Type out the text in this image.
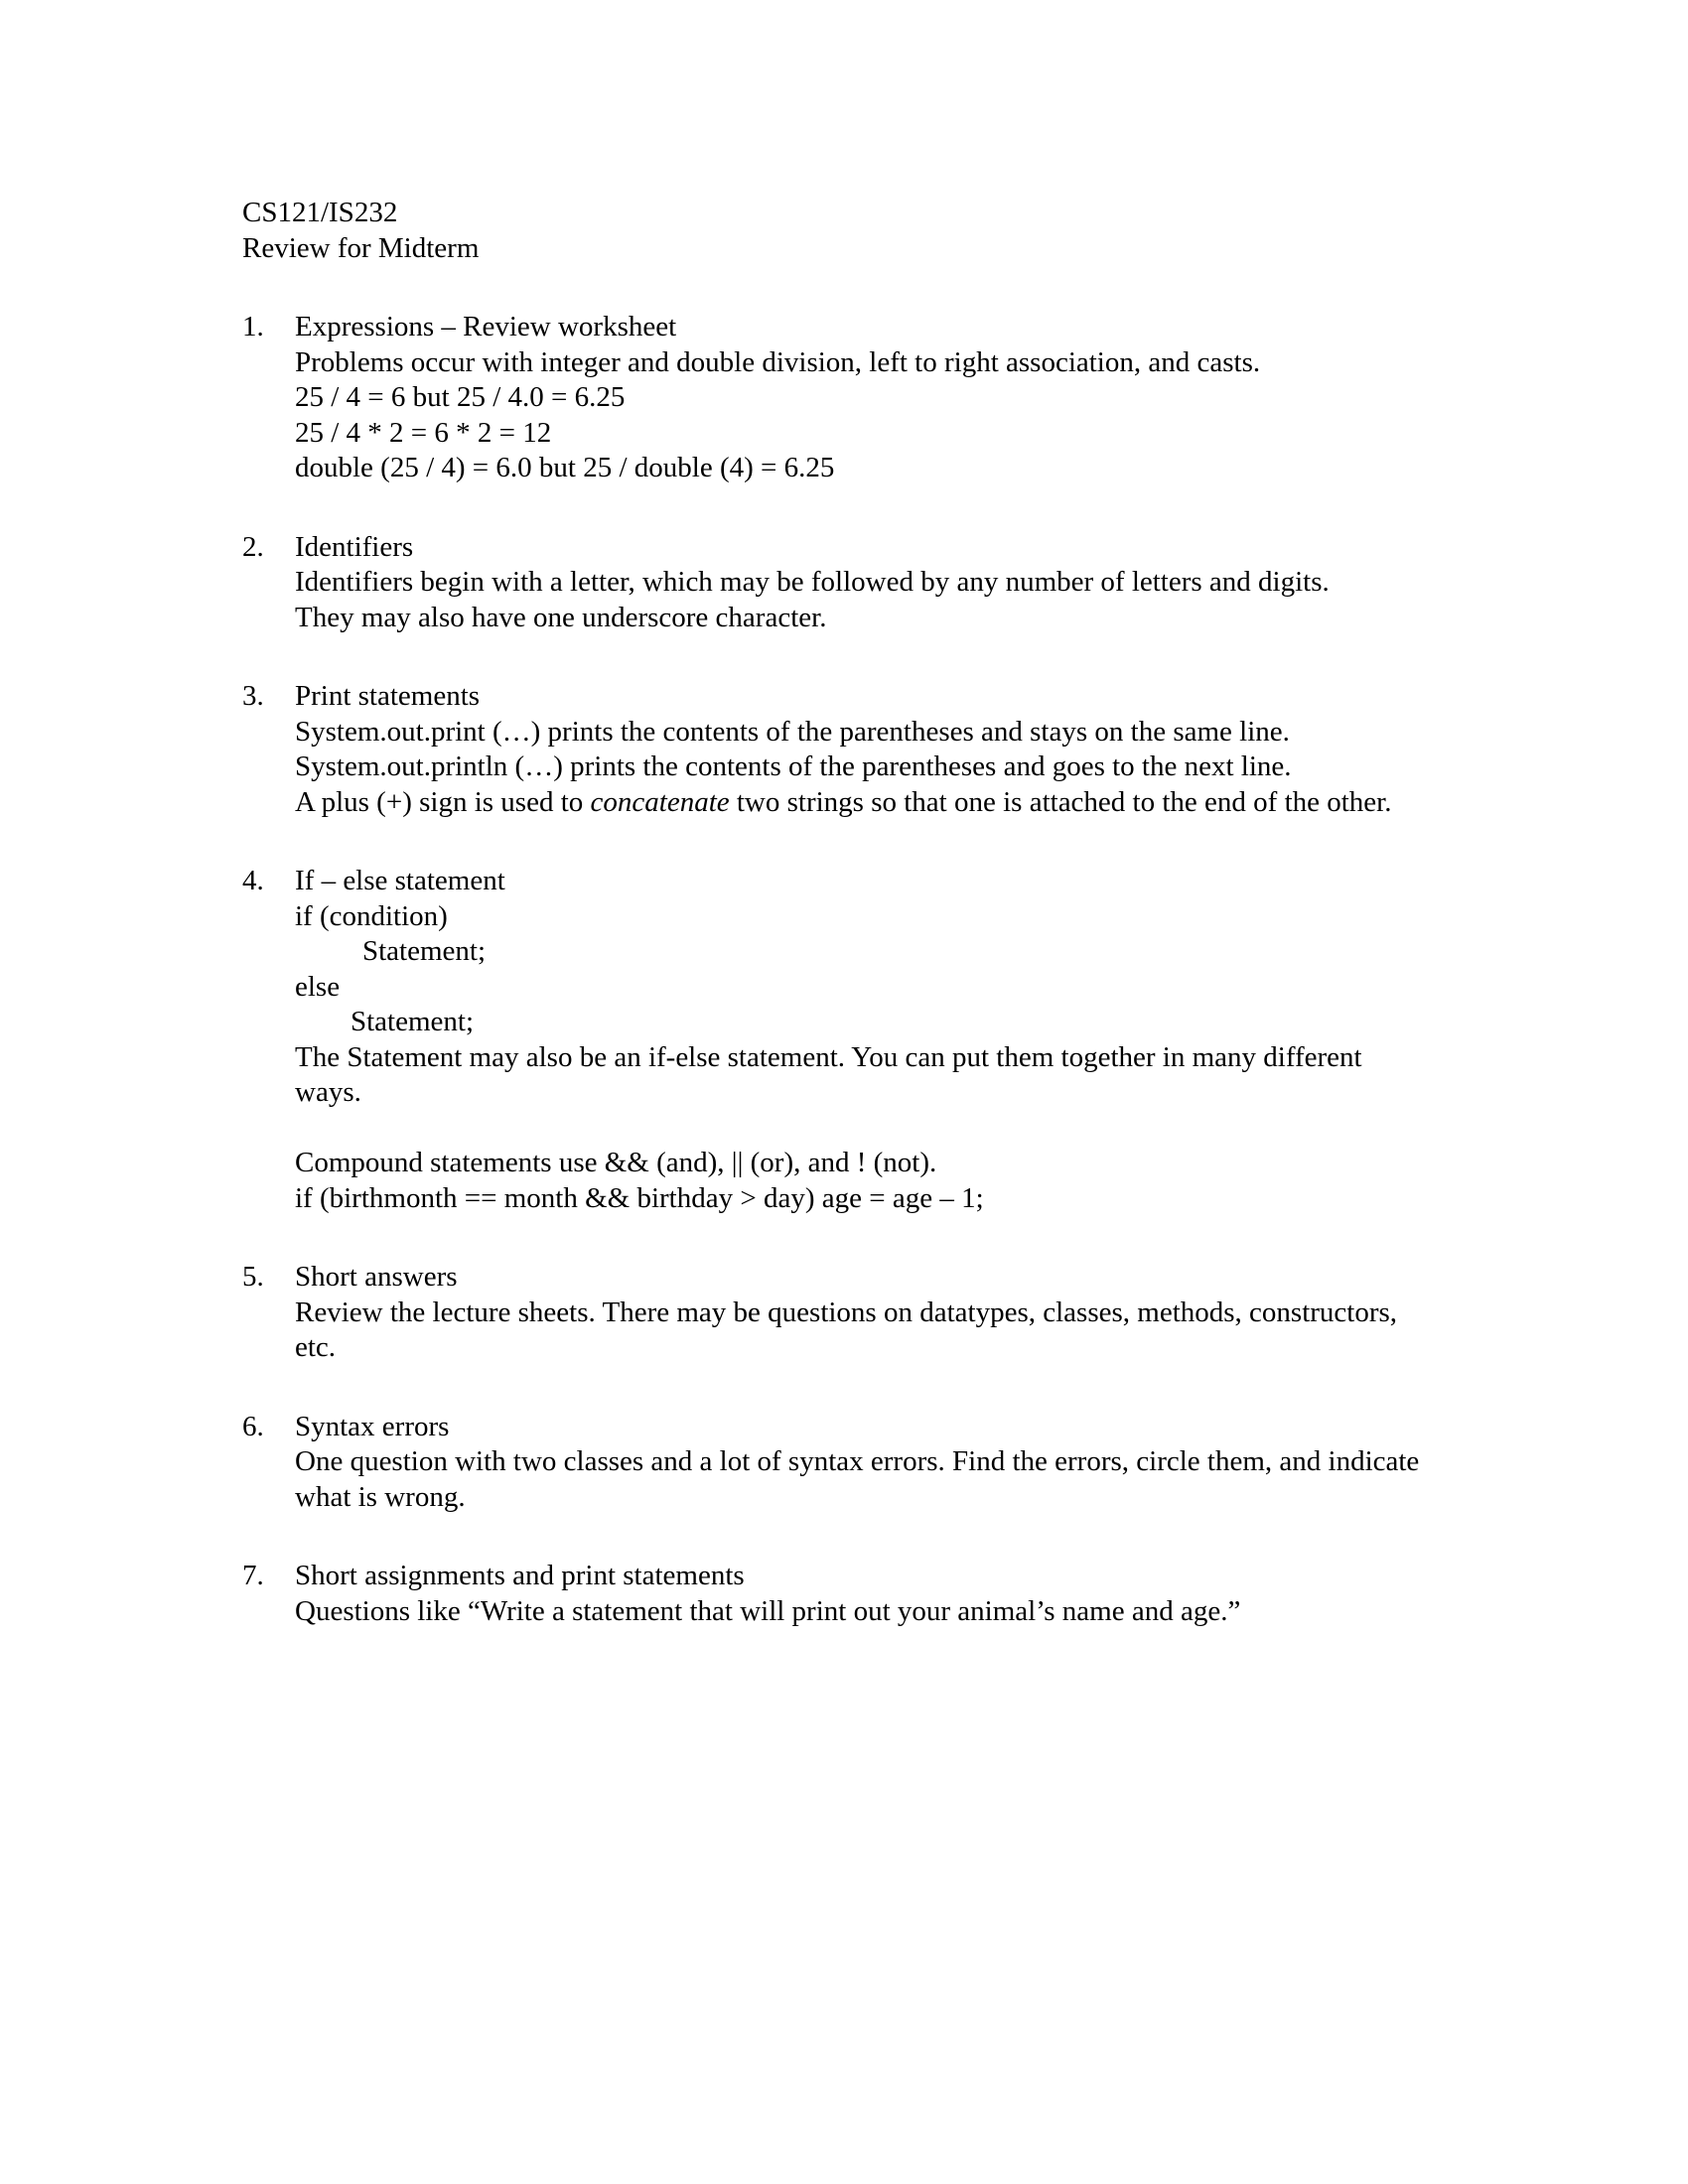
CS121/IS232
Review for Midterm
1.	Expressions – Review worksheet
Problems occur with integer and double division, left to right association, and casts.
25 / 4 = 6 but 25 / 4.0 = 6.25
25 / 4 * 2 = 6 * 2 = 12
double (25 / 4) = 6.0 but 25 / double (4) = 6.25
2.	Identifiers
Identifiers begin with a letter, which may be followed by any number of letters and digits.
They may also have one underscore character.
3.	Print statements
System.out.print (…) prints the contents of the parentheses and stays on the same line.
System.out.println (…) prints the contents of the parentheses and goes to the next line.
A plus (+) sign is used to concatenate two strings so that one is attached to the end of the other.
4.	If – else statement
if (condition)
Statement;
else
Statement;
The Statement may also be an if-else statement. You can put them together in many different ways.
Compound statements use && (and), || (or), and ! (not).
if (birthmonth == month && birthday > day) age = age – 1;
5.	Short answers
Review the lecture sheets. There may be questions on datatypes, classes, methods, constructors, etc.
6.	Syntax errors
One question with two classes and a lot of syntax errors. Find the errors, circle them, and indicate what is wrong.
7.	Short assignments and print statements
Questions like “Write a statement that will print out your animal’s name and age.”
